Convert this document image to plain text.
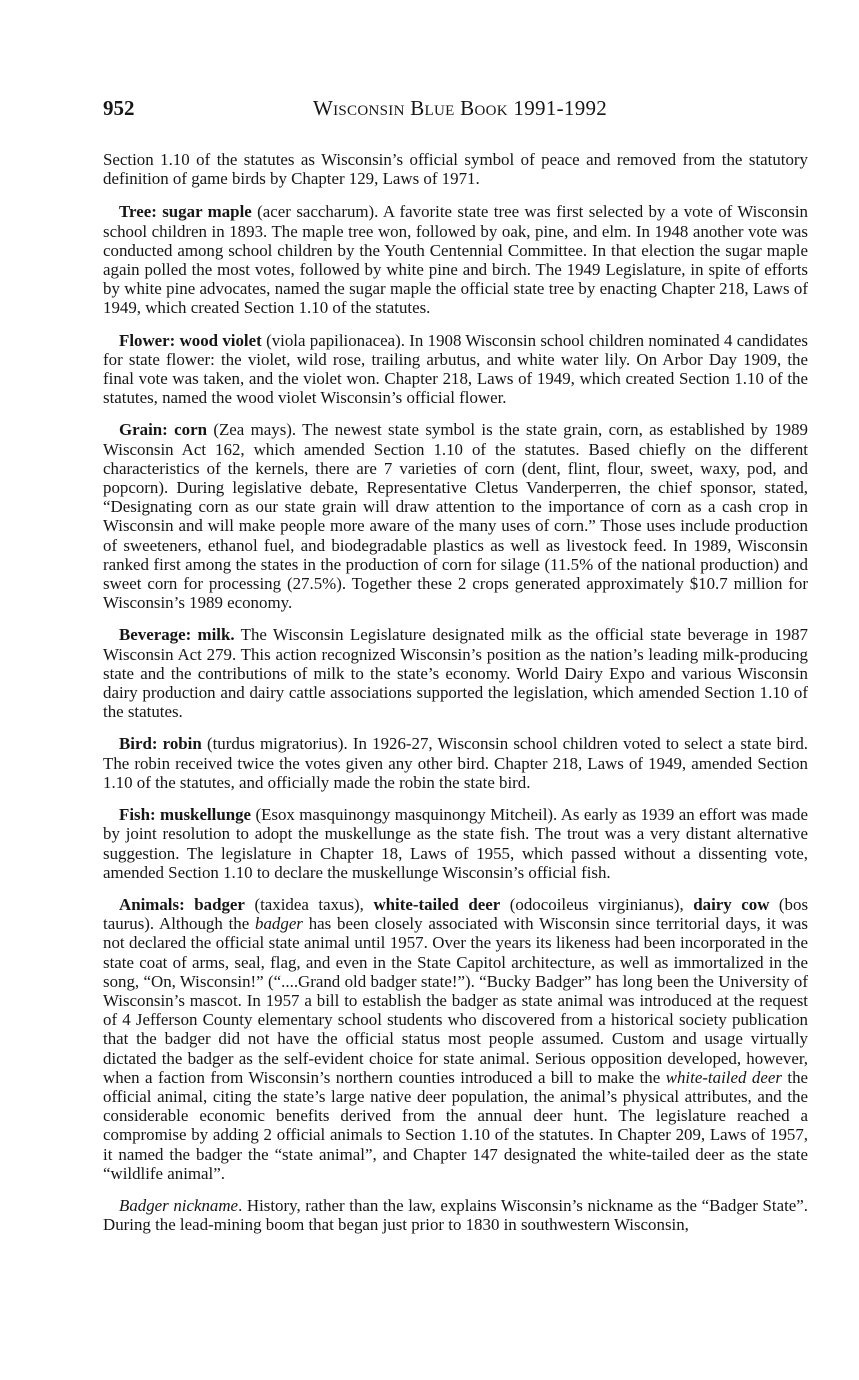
952	Wisconsin Blue Book 1991-1992

Section 1.10 of the statutes as Wisconsin’s official symbol of peace and removed from the statutory definition of game birds by Chapter 129, Laws of 1971.

Tree: sugar maple (acer saccharum). A favorite state tree was first selected by a vote of Wisconsin school children in 1893. The maple tree won, followed by oak, pine, and elm. In 1948 another vote was conducted among school children by the Youth Centennial Committee. In that election the sugar maple again polled the most votes, followed by white pine and birch. The 1949 Legislature, in spite of efforts by white pine advocates, named the sugar maple the official state tree by enacting Chapter 218, Laws of 1949, which created Section 1.10 of the statutes.

Flower: wood violet (viola papilionacea). In 1908 Wisconsin school children nominated 4 candidates for state flower: the violet, wild rose, trailing arbutus, and white water lily. On Arbor Day 1909, the final vote was taken, and the violet won. Chapter 218, Laws of 1949, which created Section 1.10 of the statutes, named the wood violet Wisconsin’s official flower.

Grain: corn (Zea mays). The newest state symbol is the state grain, corn, as established by 1989 Wisconsin Act 162, which amended Section 1.10 of the statutes. Based chiefly on the different characteristics of the kernels, there are 7 varieties of corn (dent, flint, flour, sweet, waxy, pod, and popcorn). During legislative debate, Representative Cletus Vanderperren, the chief sponsor, stated, “Designating corn as our state grain will draw attention to the importance of corn as a cash crop in Wisconsin and will make people more aware of the many uses of corn.” Those uses include production of sweeteners, ethanol fuel, and biodegradable plastics as well as livestock feed. In 1989, Wisconsin ranked first among the states in the production of corn for silage (11.5% of the national production) and sweet corn for processing (27.5%). Together these 2 crops generated approximately $10.7 million for Wisconsin’s 1989 economy.

Beverage: milk. The Wisconsin Legislature designated milk as the official state beverage in 1987 Wisconsin Act 279. This action recognized Wisconsin’s position as the nation’s leading milk-producing state and the contributions of milk to the state’s economy. World Dairy Expo and various Wisconsin dairy production and dairy cattle associations supported the legislation, which amended Section 1.10 of the statutes.

Bird: robin (turdus migratorius). In 1926-27, Wisconsin school children voted to select a state bird. The robin received twice the votes given any other bird. Chapter 218, Laws of 1949, amended Section 1.10 of the statutes, and officially made the robin the state bird.

Fish: muskellunge (Esox masquinongy masquinongy Mitcheil). As early as 1939 an effort was made by joint resolution to adopt the muskellunge as the state fish. The trout was a very distant alternative suggestion. The legislature in Chapter 18, Laws of 1955, which passed without a dissenting vote, amended Section 1.10 to declare the muskellunge Wisconsin’s official fish.

Animals: badger (taxidea taxus), white-tailed deer (odocoileus virginianus), dairy cow (bos taurus). Although the badger has been closely associated with Wisconsin since territorial days, it was not declared the official state animal until 1957. Over the years its likeness had been incorporated in the state coat of arms, seal, flag, and even in the State Capitol architecture, as well as immortalized in the song, “On, Wisconsin!” (“....Grand old badger state!”). “Bucky Badger” has long been the University of Wisconsin’s mascot. In 1957 a bill to establish the badger as state animal was introduced at the request of 4 Jefferson County elementary school students who discovered from a historical society publication that the badger did not have the official status most people assumed. Custom and usage virtually dictated the badger as the self-evident choice for state animal. Serious opposition developed, however, when a faction from Wisconsin’s northern counties introduced a bill to make the white-tailed deer the official animal, citing the state’s large native deer population, the animal’s physical attributes, and the considerable economic benefits derived from the annual deer hunt. The legislature reached a compromise by adding 2 official animals to Section 1.10 of the statutes. In Chapter 209, Laws of 1957, it named the badger the “state animal”, and Chapter 147 designated the white-tailed deer as the state “wildlife animal”.

Badger nickname. History, rather than the law, explains Wisconsin’s nickname as the “Badger State”. During the lead-mining boom that began just prior to 1830 in southwestern Wisconsin,
